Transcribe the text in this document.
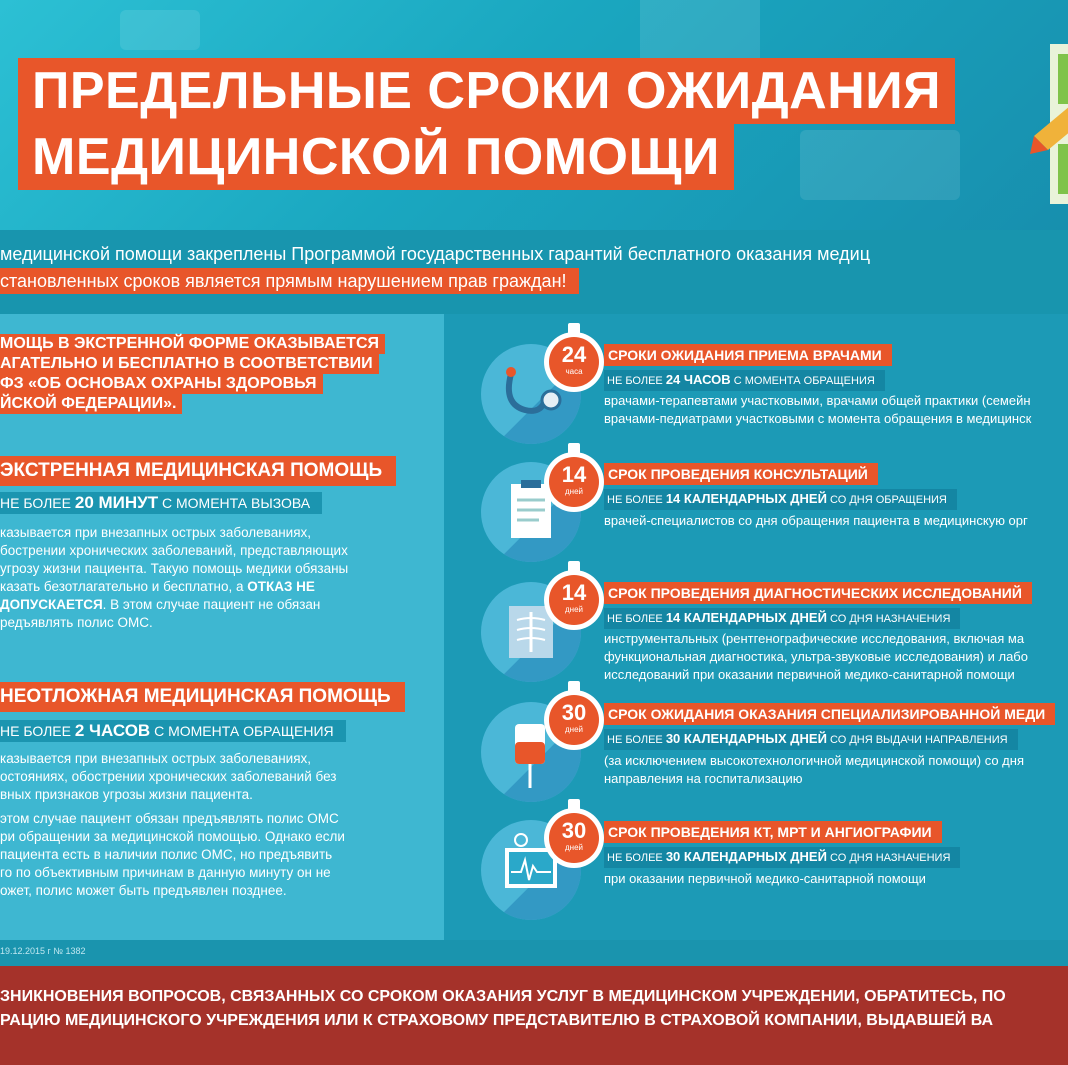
ПРЕДЕЛЬНЫЕ СРОКИ ОЖИДАНИЯ
МЕДИЦИНСКОЙ ПОМОЩИ
медицинской помощи закреплены Программой государственных гарантий бесплатного оказания медиц
становленных сроков является прямым нарушением прав граждан!
МОЩЬ В ЭКСТРЕННОЙ ФОРМЕ ОКАЗЫВАЕТСЯ
АГАТЕЛЬНО И БЕСПЛАТНО В СООТВЕТСТВИИ
ФЗ «ОБ ОСНОВАХ ОХРАНЫ ЗДОРОВЬЯ
ЙСКОЙ ФЕДЕРАЦИИ».
ЭКСТРЕННАЯ МЕДИЦИНСКАЯ ПОМОЩЬ
НЕ БОЛЕЕ 20 МИНУТ С МОМЕНТА ВЫЗОВА
казывается при внезапных острых заболеваниях,
бострении хронических заболеваний, представляющих
угрозу жизни пациента. Такую помощь медики обязаны
казать безотлагательно и бесплатно, а ОТКАЗ НЕ
ДОПУСКАЕТСЯ. В этом случае пациент не обязан
редъявлять полис ОМС.
НЕОТЛОЖНАЯ МЕДИЦИНСКАЯ ПОМОЩЬ
НЕ БОЛЕЕ 2 ЧАСОВ С МОМЕНТА ОБРАЩЕНИЯ
казывается при внезапных острых заболеваниях,
остояниях, обострении хронических заболеваний без
вных признаков угрозы жизни пациента.
этом случае пациент обязан предъявлять полис ОМС
ри обращении за медицинской помощью. Однако если
пациента есть в наличии полис ОМС, но предъявить
го по объективным причинам в данную минуту он не
ожет, полис может быть предъявлен позднее.
24
часа
СРОКИ ОЖИДАНИЯ ПРИЕМА ВРАЧАМИ
НЕ БОЛЕЕ 24 ЧАСОВ С МОМЕНТА ОБРАЩЕНИЯ
врачами-терапевтами участковыми, врачами общей практики (семейн
врачами-педиатрами участковыми с момента обращения в медицинск
14
дней
СРОК ПРОВЕДЕНИЯ КОНСУЛЬТАЦИЙ
НЕ БОЛЕЕ 14 КАЛЕНДАРНЫХ ДНЕЙ СО ДНЯ ОБРАЩЕНИЯ
врачей-специалистов со дня обращения пациента в медицинскую орг
14
дней
СРОК ПРОВЕДЕНИЯ ДИАГНОСТИЧЕСКИХ ИССЛЕДОВАНИЙ
НЕ БОЛЕЕ 14 КАЛЕНДАРНЫХ ДНЕЙ СО ДНЯ НАЗНАЧЕНИЯ
инструментальных (рентгенографические исследования, включая ма
функциональная диагностика, ультра-звуковые исследования) и лабо
исследований при оказании первичной медико-санитарной помощи
30
дней
СРОК ОЖИДАНИЯ ОКАЗАНИЯ СПЕЦИАЛИЗИРОВАННОЙ МЕДИ
НЕ БОЛЕЕ 30 КАЛЕНДАРНЫХ ДНЕЙ СО ДНЯ ВЫДАЧИ НАПРАВЛЕНИЯ
(за исключением высокотехнологичной медицинской помощи) со дня
направления на госпитализацию
30
дней
СРОК ПРОВЕДЕНИЯ КТ, МРТ И АНГИОГРАФИИ
НЕ БОЛЕЕ 30 КАЛЕНДАРНЫХ ДНЕЙ СО ДНЯ НАЗНАЧЕНИЯ
при оказании первичной медико-санитарной помощи
19.12.2015 г № 1382
ЗНИКНОВЕНИЯ ВОПРОСОВ, СВЯЗАННЫХ СО СРОКОМ ОКАЗАНИЯ УСЛУГ В МЕДИЦИНСКОМ УЧРЕЖДЕНИИ, ОБРАТИТЕСЬ, ПО
РАЦИЮ МЕДИЦИНСКОГО УЧРЕЖДЕНИЯ ИЛИ К СТРАХОВОМУ ПРЕДСТАВИТЕЛЮ В СТРАХОВОЙ КОМПАНИИ, ВЫДАВШЕЙ ВА
